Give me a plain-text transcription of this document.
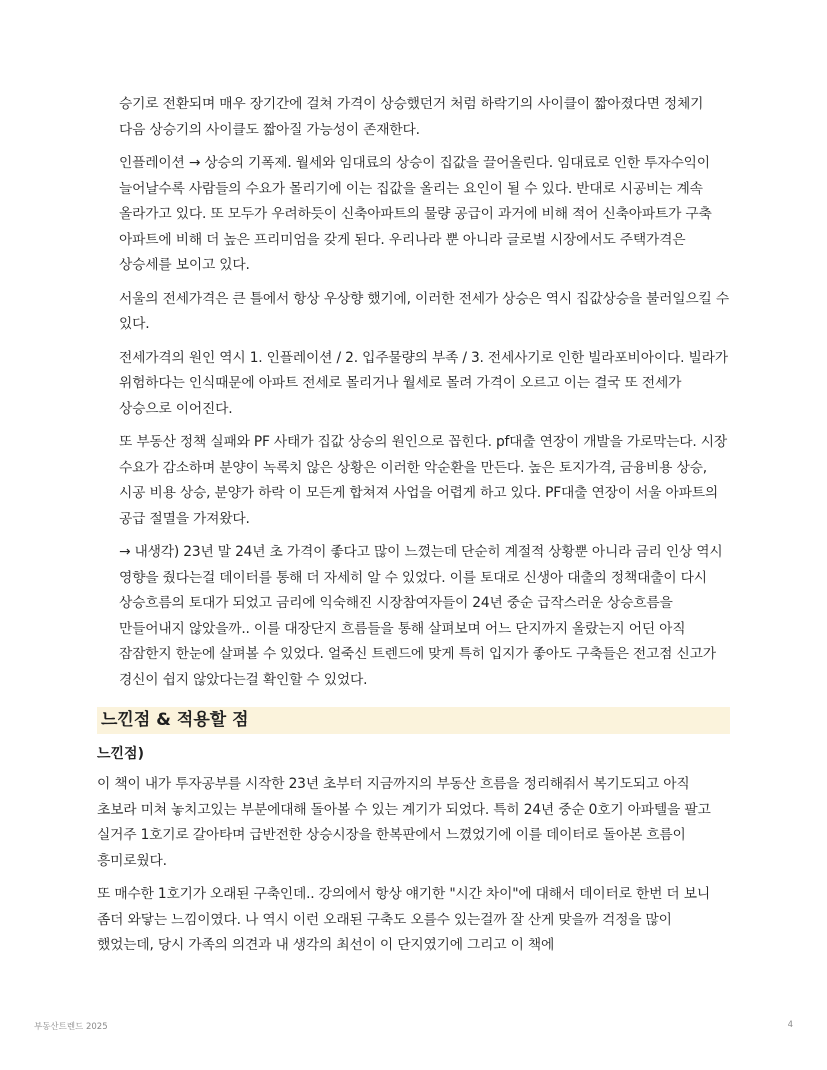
승기로 전환되며 매우 장기간에 걸쳐 가격이 상승했던거 처럼 하락기의 사이클이 짧아졌다면 정체기 다음 상승기의 사이클도 짧아질 가능성이 존재한다.

인플레이션 → 상승의 기폭제. 월세와 임대료의 상승이 집값을 끌어올린다. 임대료로 인한 투자수익이 늘어날수록 사람들의 수요가 몰리기에 이는 집값을 올리는 요인이 될 수 있다. 반대로 시공비는 계속 올라가고 있다. 또 모두가 우려하듯이 신축아파트의 물량 공급이 과거에 비해 적어 신축아파트가 구축 아파트에 비해 더 높은 프리미엄을 갖게 된다. 우리나라 뿐 아니라 글로벌 시장에서도 주택가격은 상승세를 보이고 있다.

서울의 전세가격은 큰 틀에서 항상 우상향 했기에, 이러한 전세가 상승은 역시 집값상승을 불러일으킬 수 있다.

전세가격의 원인 역시 1. 인플레이션 / 2. 입주물량의 부족 / 3. 전세사기로 인한 빌라포비아이다. 빌라가 위험하다는 인식때문에 아파트 전세로 몰리거나 월세로 몰려 가격이 오르고 이는 결국 또 전세가 상승으로 이어진다.

또 부동산 정책 실패와 PF 사태가 집값 상승의 원인으로 꼽힌다. pf대출 연장이 개발을 가로막는다. 시장 수요가 감소하며 분양이 녹록치 않은 상황은 이러한 악순환을 만든다. 높은 토지가격, 금융비용 상승, 시공 비용 상승, 분양가 하락 이 모든게 합쳐져 사업을 어렵게 하고 있다. PF대출 연장이 서울 아파트의 공급 절멸을 가져왔다.

→ 내생각) 23년 말 24년 초 가격이 좋다고 많이 느꼈는데 단순히 계절적 상황뿐 아니라 금리 인상 역시 영향을 줬다는걸 데이터를 통해 더 자세히 알 수 있었다. 이를 토대로 신생아 대출의 정책대출이 다시 상승흐름의 토대가 되었고 금리에 익숙해진 시장참여자들이 24년 중순 급작스러운 상승흐름을 만들어내지 않았을까.. 이를 대장단지 흐름들을 통해 살펴보며 어느 단지까지 올랐는지 어딘 아직 잠잠한지 한눈에 살펴볼 수 있었다. 얼죽신 트렌드에 맞게 특히 입지가 좋아도 구축들은 전고점 신고가 경신이 쉽지 않았다는걸 확인할 수 있었다.

느낀점 & 적용할 점
느낀점)

이 책이 내가 투자공부를 시작한 23년 초부터 지금까지의 부동산 흐름을 정리해줘서 복기도되고 아직 초보라 미쳐 놓치고있는 부분에대해 돌아볼 수 있는 계기가 되었다. 특히 24년 중순 0호기 아파텔을 팔고 실거주 1호기로 갈아타며 급반전한 상승시장을 한복판에서 느꼈었기에 이를 데이터로 돌아본 흐름이 흥미로웠다.

또 매수한 1호기가 오래된 구축인데.. 강의에서 항상 얘기한 "시간 차이"에 대해서 데이터로 한번 더 보니 좀더 와닿는 느낌이였다. 나 역시 이런 오래된 구축도 오를수 있는걸까 잘 산게 맞을까 걱정을 많이 했었는데, 당시 가족의 의견과 내 생각의 최선이 이 단지였기에 그리고 이 책에

부동산트렌드 2025	4
